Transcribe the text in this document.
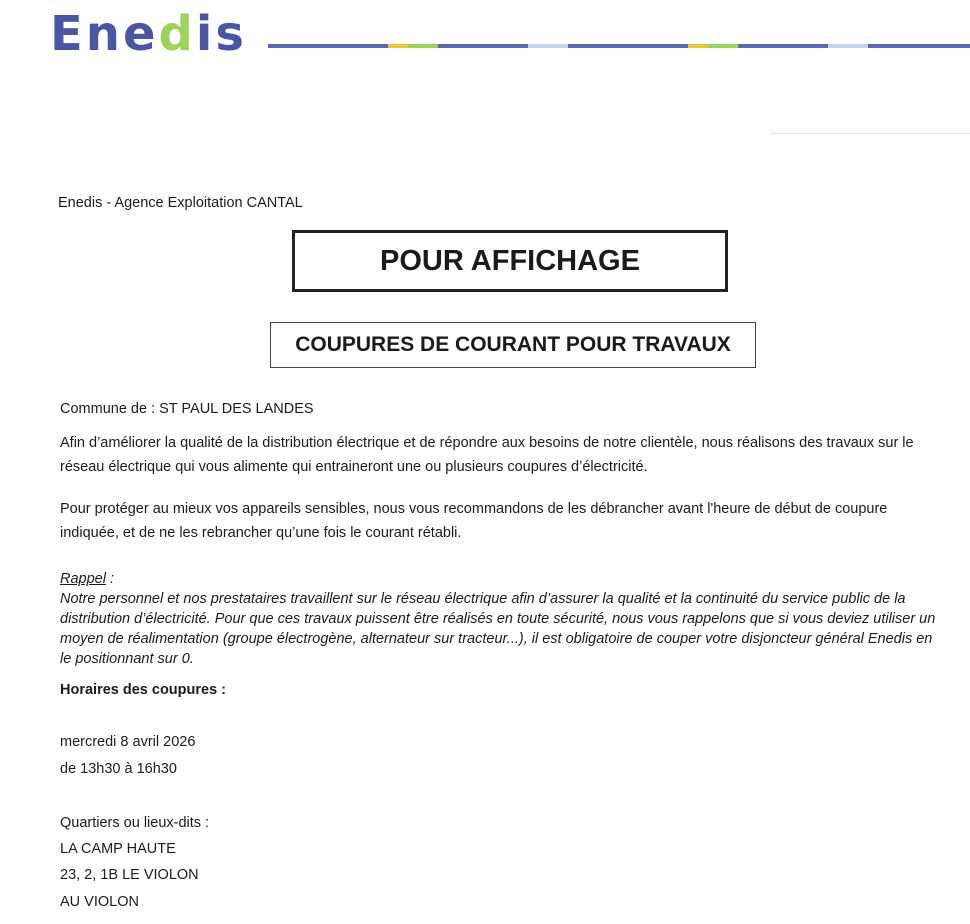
Enedis
Enedis - Agence Exploitation CANTAL
POUR AFFICHAGE
COUPURES DE COURANT POUR TRAVAUX
Commune de : ST PAUL DES LANDES
Afin d’améliorer la qualité de la distribution électrique et de répondre aux besoins de notre clientèle, nous réalisons des travaux sur le réseau électrique qui vous alimente qui entraineront une ou plusieurs coupures d’électricité.
Pour protéger au mieux vos appareils sensibles, nous vous recommandons de les débrancher avant l'heure de début de coupure indiquée, et de ne les rebrancher qu’une fois le courant rétabli.
Rappel :
Notre personnel et nos prestataires travaillent sur le réseau électrique afin d’assurer la qualité et la continuité du service public de la distribution d’électricité. Pour que ces travaux puissent être réalisés en toute sécurité, nous vous rappelons que si vous deviez utiliser un moyen de réalimentation (groupe électrogène, alternateur sur tracteur...), il est obligatoire de couper votre disjoncteur général Enedis en le positionnant sur 0.
Horaires des coupures :
mercredi 8 avril 2026
de 13h30 à 16h30
Quartiers ou lieux-dits :
LA CAMP HAUTE
23, 2, 1B LE VIOLON
AU VIOLON
